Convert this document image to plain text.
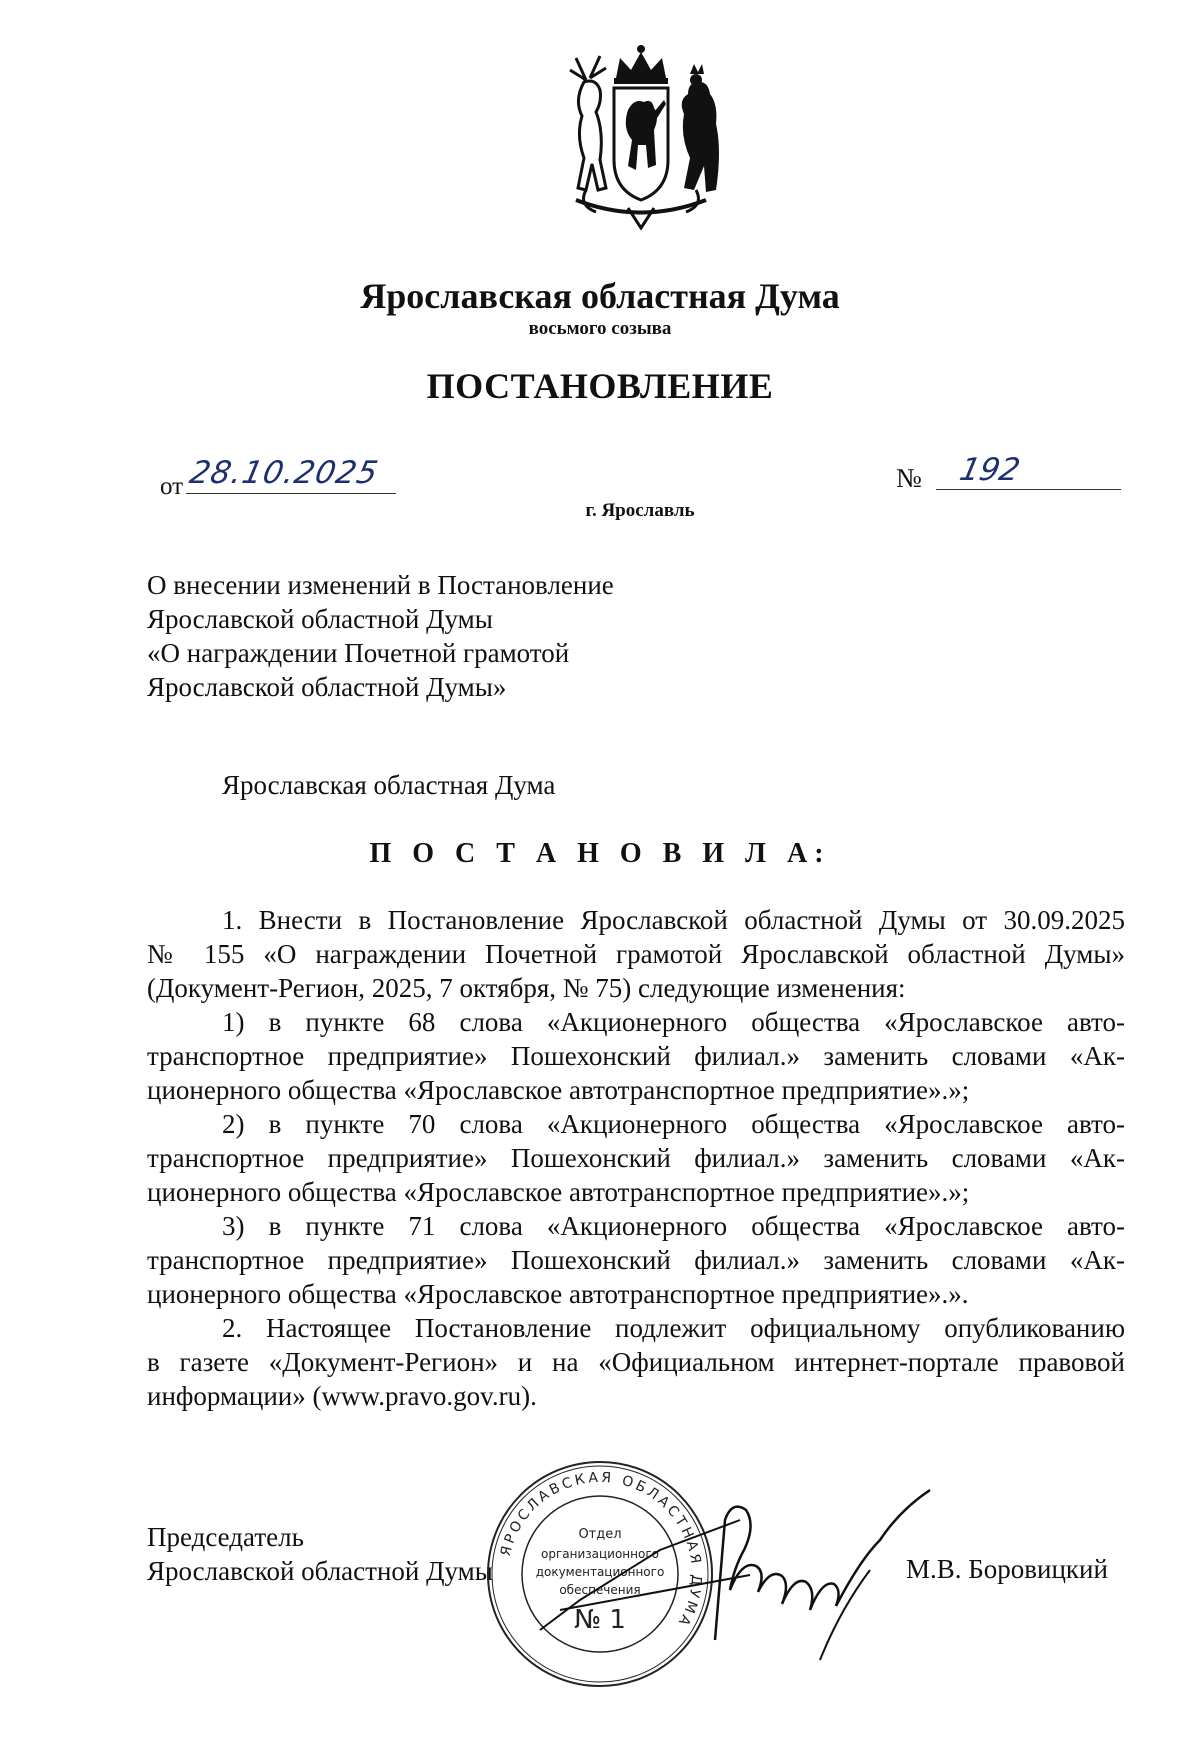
Ярославская областная Дума
восьмого созыва
ПОСТАНОВЛЕНИЕ
от 28.10.2025	№	192
г. Ярославль
О внесении изменений в Постановление
Ярославской областной Думы
«О награждении Почетной грамотой
Ярославской областной Думы»
Ярославская областная Дума
П О С Т А Н О В И Л А:
1. Внести в Постановление Ярославской областной Думы от 30.09.2025
№ 155 «О награждении Почетной грамотой Ярославской областной Думы»
(Документ-Регион, 2025, 7 октября, № 75) следующие изменения:
1) в пункте 68 слова «Акционерного общества «Ярославское авто-
транспортное предприятие» Пошехонский филиал.» заменить словами «Ак-
ционерного общества «Ярославское автотранспортное предприятие».»;
2) в пункте 70 слова «Акционерного общества «Ярославское авто-
транспортное предприятие» Пошехонский филиал.» заменить словами «Ак-
ционерного общества «Ярославское автотранспортное предприятие».»;
3) в пункте 71 слова «Акционерного общества «Ярославское авто-
транспортное предприятие» Пошехонский филиал.» заменить словами «Ак-
ционерного общества «Ярославское автотранспортное предприятие».».
2. Настоящее Постановление подлежит официальному опубликованию
в газете «Документ-Регион» и на «Официальном интернет-портале правовой
информации» (www.pravo.gov.ru).
Председатель
Ярославской областной Думы	М.В. Боровицкий
ЯРОСЛАВСКАЯ ОБЛАСТНАЯ ДУМА
Отдел
организационного
документационного
обеспечения
№ 1
